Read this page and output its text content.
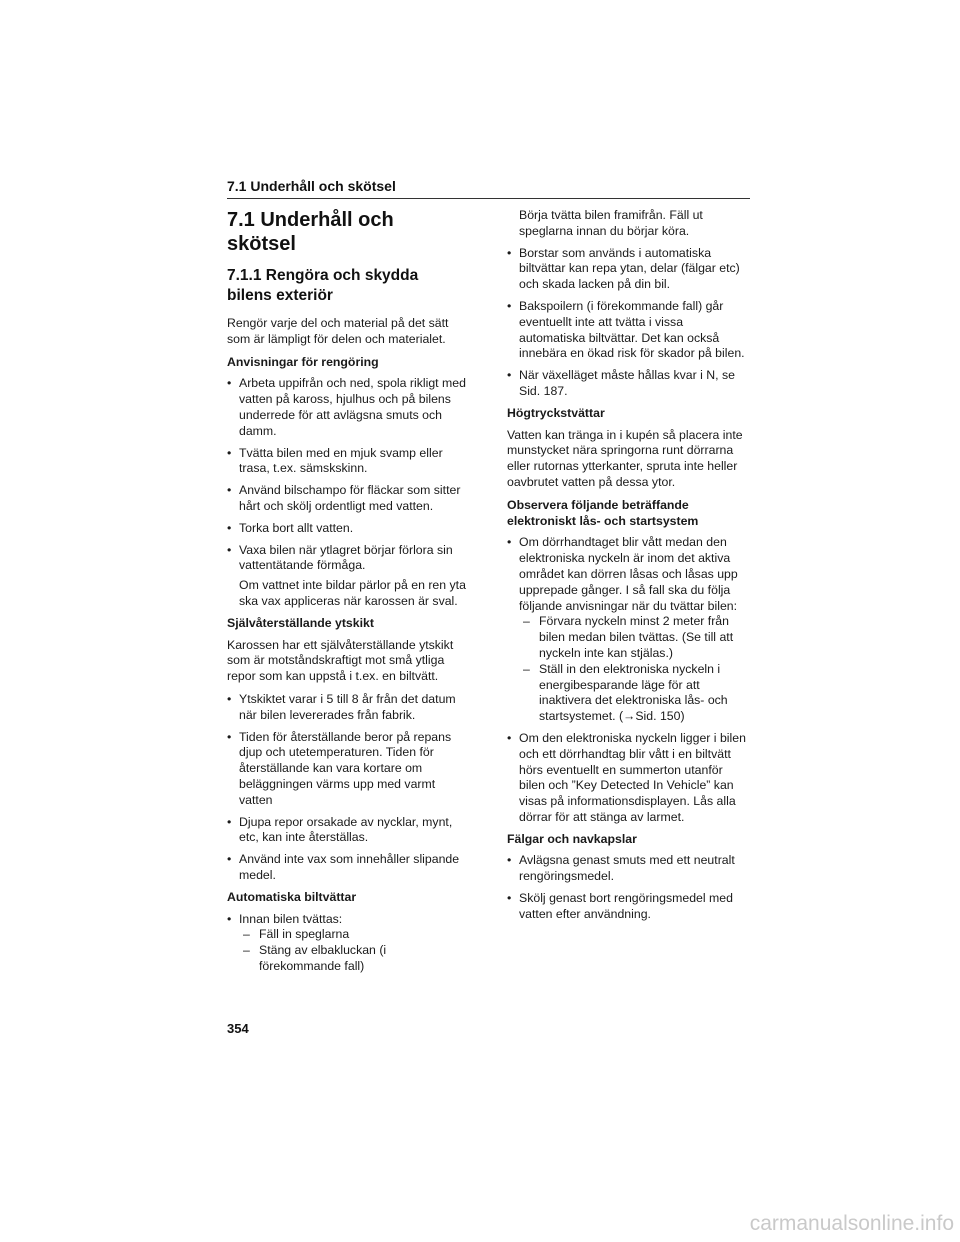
7.1 Underhåll och skötsel
7.1 Underhåll och skötsel
7.1.1 Rengöra och skydda bilens exteriör

Rengör varje del och material på det sätt som är lämpligt för delen och materialet.

Anvisningar för rengöring
• Arbeta uppifrån och ned, spola rikligt med vatten på kaross, hjulhus och på bilens underrede för att avlägsna smuts och damm.
• Tvätta bilen med en mjuk svamp eller trasa, t.ex. sämskskinn.
• Använd bilschampo för fläckar som sitter hårt och skölj ordentligt med vatten.
• Torka bort allt vatten.
• Vaxa bilen när ytlagret börjar förlora sin vattentätande förmåga.
Om vattnet inte bildar pärlor på en ren yta ska vax appliceras när karossen är sval.
Självåterställande ytskikt

Karossen har ett självåterställande ytskikt som är motståndskraftigt mot små ytliga repor som kan uppstå i t.ex. en biltvätt.

• Ytskiktet varar i 5 till 8 år från det datum när bilen levererades från fabrik.
• Tiden för återställande beror på repans djup och utetemperaturen. Tiden för återställande kan vara kortare om beläggningen värms upp med varmt vatten
• Djupa repor orsakade av nycklar, mynt, etc, kan inte återställas.
• Använd inte vax som innehåller slipande medel.
Automatiska biltvättar
• Innan bilen tvättas:
– Fäll in speglarna
– Stäng av elbakluckan (i förekommande fall)
Börja tvätta bilen framifrån. Fäll ut speglarna innan du börjar köra.
• Borstar som används i automatiska biltvättar kan repa ytan, delar (fälgar etc) och skada lacken på din bil.
• Bakspoilern (i förekommande fall) går eventuellt inte att tvätta i vissa automatiska biltvättar. Det kan också innebära en ökad risk för skador på bilen.
• När växelläget måste hållas kvar i N, se Sid. 187.
Högtryckstvättar

Vatten kan tränga in i kupén så placera inte munstycket nära springorna runt dörrarna eller rutornas ytterkanter, spruta inte heller oavbrutet vatten på dessa ytor.

Observera följande beträffande elektroniskt lås- och startsystem
• Om dörrhandtaget blir vått medan den elektroniska nyckeln är inom det aktiva området kan dörren låsas och låsas upp upprepade gånger. I så fall ska du följa följande anvisningar när du tvättar bilen:
– Förvara nyckeln minst 2 meter från bilen medan bilen tvättas. (Se till att nyckeln inte kan stjälas.)
– Ställ in den elektroniska nyckeln i energibesparande läge för att inaktivera det elektroniska lås- och startsystemet. (→Sid. 150)
• Om den elektroniska nyckeln ligger i bilen och ett dörrhandtag blir vått i en biltvätt hörs eventuellt en summerton utanför bilen och ”Key Detected In Vehicle” kan visas på informationsdisplayen. Lås alla dörrar för att stänga av larmet.
Fälgar och navkapslar
• Avlägsna genast smuts med ett neutralt rengöringsmedel.
• Skölj genast bort rengöringsmedel med vatten efter användning.
354
carmanualsonline.info
